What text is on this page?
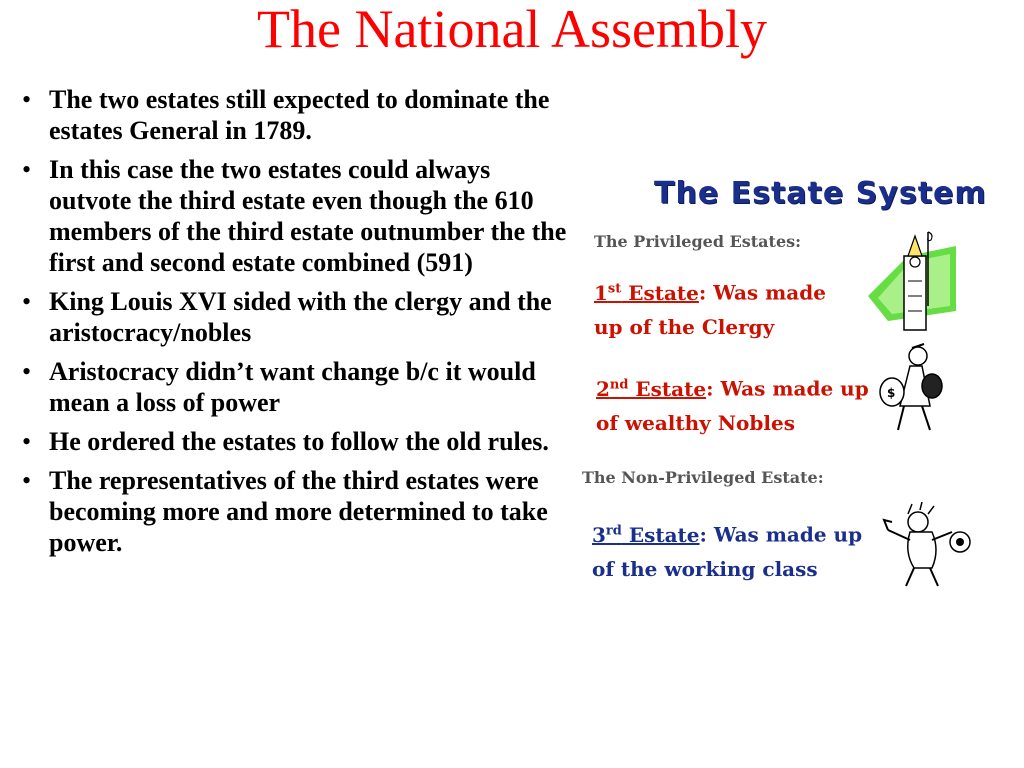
The National Assembly
• The two estates still expected to dominate the estates General in 1789.
• In this case the two estates could always outvote the third estate even though the 610 members of the third estate outnumber the the first and second estate combined (591)
• King Louis XVI sided with the clergy and the aristocracy/nobles
• Aristocracy didn’t want change b/c it would mean a loss of power
• He ordered the estates to follow the old rules.
• The representatives of the third estates were becoming more and more determined to take power.
The Estate System
The Privileged Estates:
1st Estate: Was made
up of the Clergy
2nd Estate: Was made up
of wealthy Nobles
The Non-Privileged Estate:
3rd Estate: Was made up
of the working class
$
